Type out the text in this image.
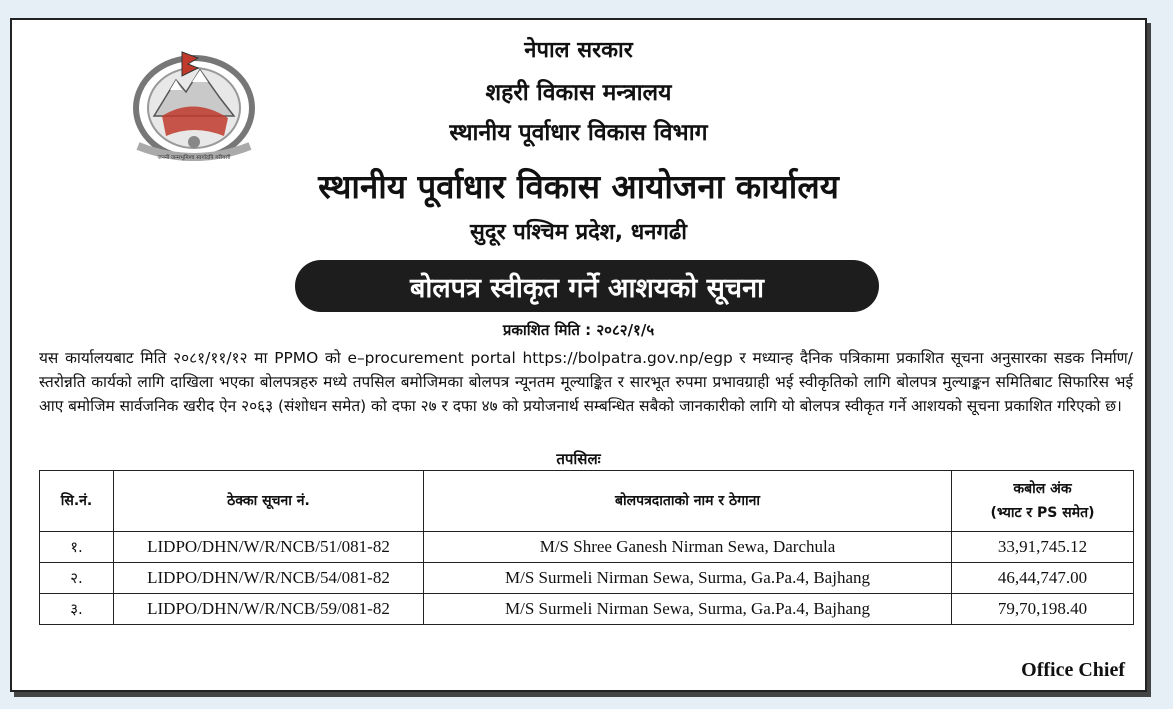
जननी जन्मभूमिश्च स्वर्गादपि गरीयसी
नेपाल सरकार
शहरी विकास मन्त्रालय
स्थानीय पूर्वाधार विकास विभाग
स्थानीय पूर्वाधार विकास आयोजना कार्यालय
सुदूर पश्चिम प्रदेश, धनगढी
बोलपत्र स्वीकृत गर्ने आशयको सूचना
प्रकाशित मिति : २०८२/१/५
यस कार्यालयबाट मिति २०८१/११/१२ मा PPMO को e–procurement portal https://bolpatra.gov.np/egp र मध्यान्ह दैनिक पत्रिकामा प्रकाशित सूचना अनुसारका सडक निर्माण/स्तरोन्नति कार्यको लागि दाखिला भएका बोलपत्रहरु मध्ये तपसिल बमोजिमका बोलपत्र न्यूनतम मूल्याङ्कित र सारभूत रुपमा प्रभावग्राही भई स्वीकृतिको लागि बोलपत्र मुल्याङ्कन समितिबाट सिफारिस भई आए बमोजिम सार्वजनिक खरीद ऐन २०६३ (संशोधन समेत) को दफा २७ र दफा ४७ को प्रयोजनार्थ सम्बन्धित सबैको जानकारीको लागि यो बोलपत्र स्वीकृत गर्ने आशयको सूचना प्रकाशित गरिएको छ।
तपसिलः
सि.नं.	ठेक्का सूचना नं.	बोलपत्रदाताको नाम र ठेगाना	कबोल अंक
(भ्याट र PS समेत)

१.	LIDPO/DHN/W/R/NCB/51/081-82	M/S Shree Ganesh Nirman Sewa, Darchula	33,91,745.12
२.	LIDPO/DHN/W/R/NCB/54/081-82	M/S Surmeli Nirman Sewa, Surma, Ga.Pa.4, Bajhang	46,44,747.00
३.	LIDPO/DHN/W/R/NCB/59/081-82	M/S Surmeli Nirman Sewa, Surma, Ga.Pa.4, Bajhang	79,70,198.40
Office Chief
